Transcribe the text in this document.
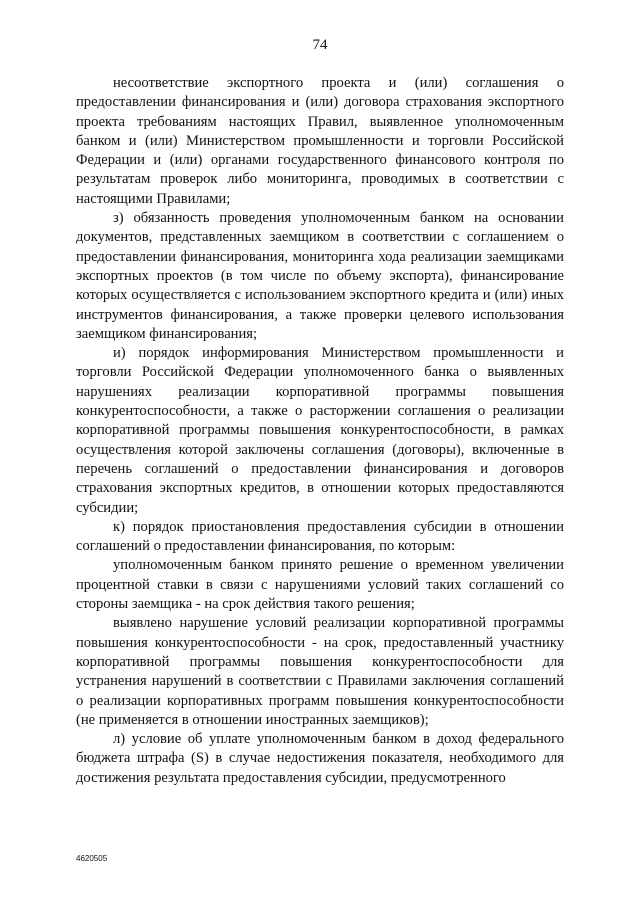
74

несоответствие экспортного проекта и (или) соглашения о предоставлении финансирования и (или) договора страхования экспортного проекта требованиям настоящих Правил, выявленное уполномоченным банком и (или) Министерством промышленности и торговли Российской Федерации и (или) органами государственного финансового контроля по результатам проверок либо мониторинга, проводимых в соответствии с настоящими Правилами;

з) обязанность проведения уполномоченным банком на основании документов, представленных заемщиком в соответствии с соглашением о предоставлении финансирования, мониторинга хода реализации заемщиками экспортных проектов (в том числе по объему экспорта), финансирование которых осуществляется с использованием экспортного кредита и (или) иных инструментов финансирования, а также проверки целевого использования заемщиком финансирования;

и) порядок информирования Министерством промышленности и торговли Российской Федерации уполномоченного банка о выявленных нарушениях реализации корпоративной программы повышения конкурентоспособности, а также о расторжении соглашения о реализации корпоративной программы повышения конкурентоспособности, в рамках осуществления которой заключены соглашения (договоры), включенные в перечень соглашений о предоставлении финансирования и договоров страхования экспортных кредитов, в отношении которых предоставляются субсидии;

к) порядок приостановления предоставления субсидии в отношении соглашений о предоставлении финансирования, по которым:

уполномоченным банком принято решение о временном увеличении процентной ставки в связи с нарушениями условий таких соглашений со стороны заемщика - на срок действия такого решения;

выявлено нарушение условий реализации корпоративной программы повышения конкурентоспособности - на срок, предоставленный участнику корпоративной программы повышения конкурентоспособности для устранения нарушений в соответствии с Правилами заключения соглашений о реализации корпоративных программ повышения конкурентоспособности (не применяется в отношении иностранных заемщиков);

л) условие об уплате уполномоченным банком в доход федерального бюджета штрафа (S) в случае недостижения показателя, необходимого для достижения результата предоставления субсидии, предусмотренного

4620505
